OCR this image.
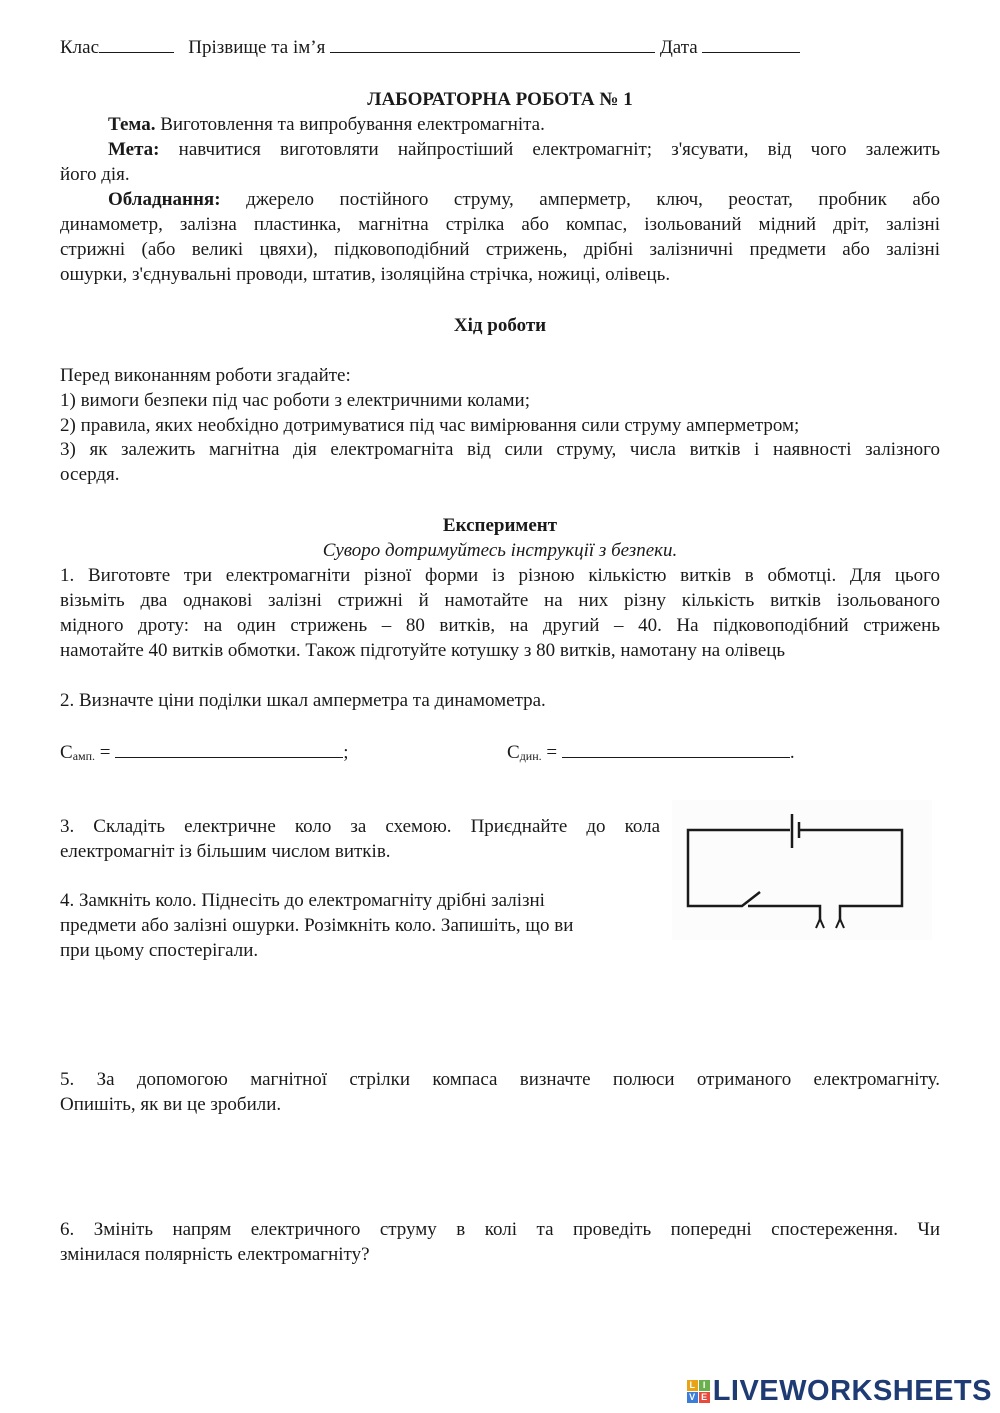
Клас	Прізвище та ім’я	Дата
ЛАБОРАТОРНА РОБОТА № 1
Тема. Виготовлення та випробування електромагніта.
Мета: навчитися виготовляти найпростіший електромагніт; з'ясувати, від чого залежить
його дія.
Обладнання: джерело постійного струму, амперметр, ключ, реостат, пробник або
динамометр, залізна пластинка, магнітна стрілка або компас, ізольований мідний дріт, залізні
стрижні (або великі цвяхи), підковоподібний стрижень, дрібні залізничні предмети або залізні
ошурки, з'єднувальні проводи, штатив, ізоляційна стрічка, ножиці, олівець.
Хід роботи
Перед виконанням роботи згадайте:
1) вимоги безпеки під час роботи з електричними колами;
2) правила, яких необхідно дотримуватися під час вимірювання сили струму амперметром;
3) як залежить магнітна дія електромагніта від сили струму, числа витків і наявності залізного
осердя.
Експеримент
Суворо дотримуйтесь інструкції з безпеки.
1. Виготовте три електромагніти різної форми із різною кількістю витків в обмотці. Для цього
візьміть два однакові залізні стрижні й намотайте на них різну кількість витків ізольованого
мідного дроту: на один стрижень – 80 витків, на другий – 40. На підковоподібний стрижень
намотайте 40 витків обмотки. Також підготуйте котушку з 80 витків, намотану на олівець
2. Визначте ціни поділки шкал амперметра та динамометра.
Самп. =	;	Сдин. =	.
3. Складіть електричне коло за схемою. Приєднайте до кола
електромагніт із більшим числом витків.
4. Замкніть коло. Піднесіть до електромагніту дрібні залізні
предмети або залізні ошурки. Розімкніть коло. Запишіть, що ви
при цьому спостерігали.
5. За допомогою магнітної стрілки компаса визначте полюси отриманого електромагніту.
Опишіть, як ви це зробили.
6. Змініть напрям електричного струму в колі та проведіть попередні спостереження. Чи
змінилася полярність електромагніту?
L I
V E LIVEWORKSHEETS
